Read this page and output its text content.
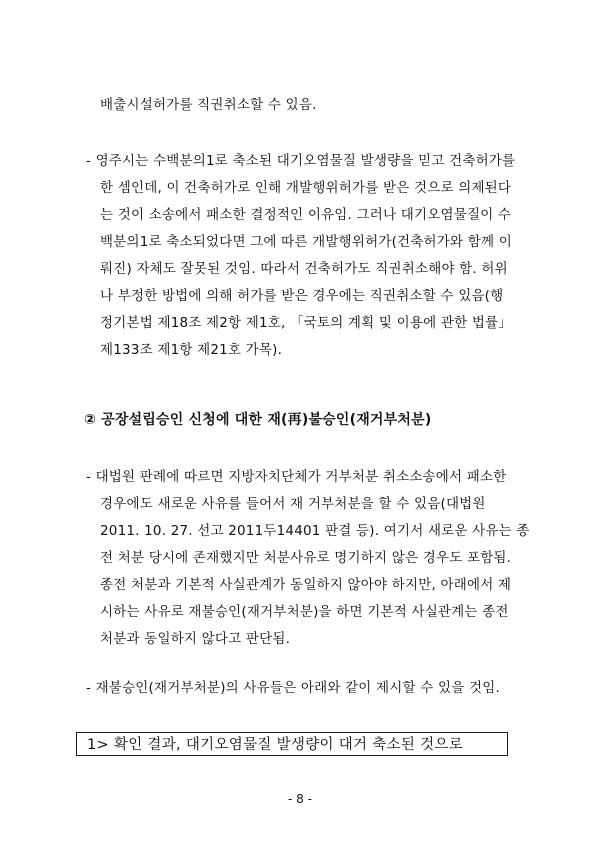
배출시설허가를 직권취소할 수 있음.
- 영주시는 수백분의1로 축소된 대기오염물질 발생량을 믿고 건축허가를
한 셈인데, 이 건축허가로 인해 개발행위허가를 받은 것으로 의제된다
는 것이 소송에서 패소한 결정적인 이유임. 그러나 대기오염물질이 수
백분의1로 축소되었다면 그에 따른 개발행위허가(건축허가와 함께 이
뤄진) 자체도 잘못된 것임. 따라서 건축허가도 직권취소해야 함. 허위
나 부정한 방법에 의해 허가를 받은 경우에는 직권취소할 수 있음(행
정기본법 제18조 제2항 제1호, 「국토의 계획 및 이용에 관한 법률」
제133조 제1항 제21호 가목).
② 공장설립승인 신청에 대한 재(再)불승인(재거부처분)
- 대법원 판례에 따르면 지방자치단체가 거부처분 취소소송에서 패소한
경우에도 새로운 사유를 들어서 재 거부처분을 할 수 있음(대법원
2011. 10. 27. 선고 2011두14401 판결 등). 여기서 새로운 사유는 종
전 처분 당시에 존재했지만 처분사유로 명기하지 않은 경우도 포함됨.
종전 처분과 기본적 사실관계가 동일하지 않아야 하지만, 아래에서 제
시하는 사유로 재불승인(재거부처분)을 하면 기본적 사실관계는 종전
처분과 동일하지 않다고 판단됨.
- 재불승인(재거부처분)의 사유들은 아래와 같이 제시할 수 있을 것임.
1> 확인 결과, 대기오염물질 발생량이 대거 축소된 것으로
- 8 -
